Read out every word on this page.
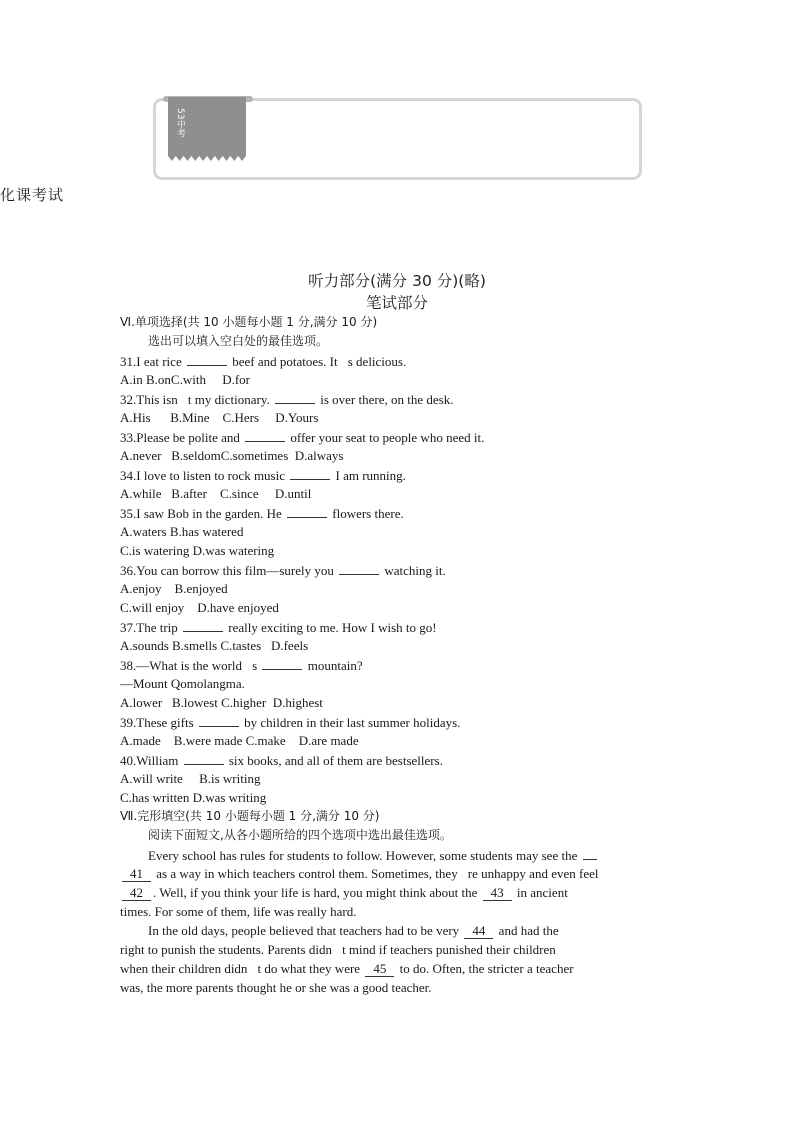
53中考
化课考试
听力部分(满分 30 分)(略)
笔试部分
Ⅵ.单项选择(共 10 小题每小题 1 分,满分 10 分)
选出可以填入空白处的最佳选项。
31.I eat rice	beef and potatoes. It s delicious.
A.in B.onC.with     D.for
32.This isn t my dictionary.	is over there, on the desk.
A.His      B.Mine    C.Hers     D.Yours
33.Please be polite and	offer your seat to people who need it.
A.never   B.seldomC.sometimes  D.always
34.I love to listen to rock music	I am running.
A.while   B.after    C.since     D.until
35.I saw Bob in the garden. He	flowers there.
A.waters B.has watered
C.is watering D.was watering
36.You can borrow this film—surely you	watching it.
A.enjoy    B.enjoyed
C.will enjoy    D.have enjoyed
37.The trip	really exciting to me. How I wish to go!
A.sounds B.smells C.tastes   D.feels
38.—What is the world s	mountain?
—Mount Qomolangma.
A.lower   B.lowest C.higher  D.highest
39.These gifts	by children in their last summer holidays.
A.made    B.were made C.make    D.are made
40.William	six books, and all of them are bestsellers.
A.will write     B.is writing
C.has written D.was writing
Ⅶ.完形填空(共 10 小题每小题 1 分,满分 10 分)
阅读下面短文,从各小题所给的四个选项中选出最佳选项。
Every school has rules for students to follow. However, some students may see the
41 as a way in which teachers control them. Sometimes, they re unhappy and even feel
42 . Well, if you think your life is hard, you might think about the 43 in ancient
times. For some of them, life was really hard.
In the old days, people believed that teachers had to be very 44 and had the
right to punish the students. Parents didn t mind if teachers punished their children
when their children didn t do what they were 45 to do. Often, the stricter a teacher
was, the more parents thought he or she was a good teacher.
